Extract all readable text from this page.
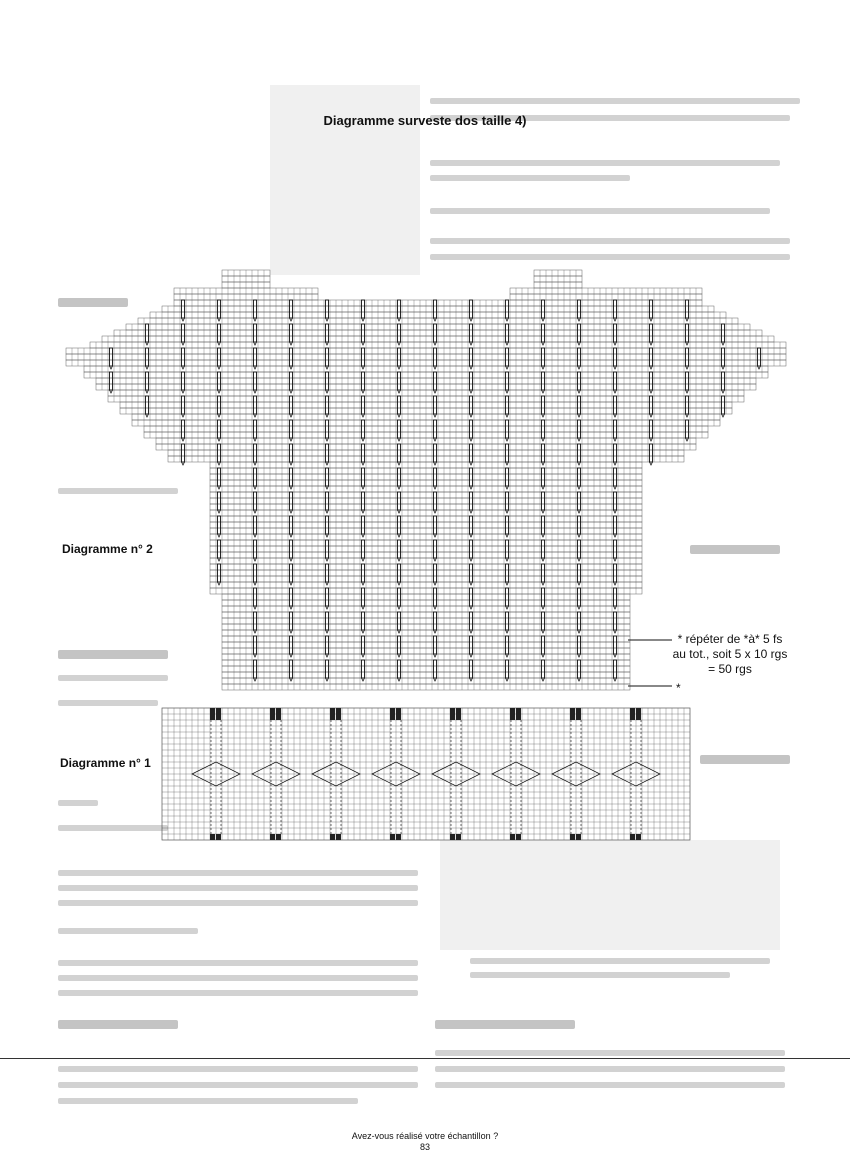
Diagramme surveste dos taille 4)
Diagramme n° 2
Diagramme n° 1
* répéter de *à* 5 fs
au tot., soit 5 x 10 rgs
= 50 rgs
*
Avez-vous réalisé votre échantillon ?
83
